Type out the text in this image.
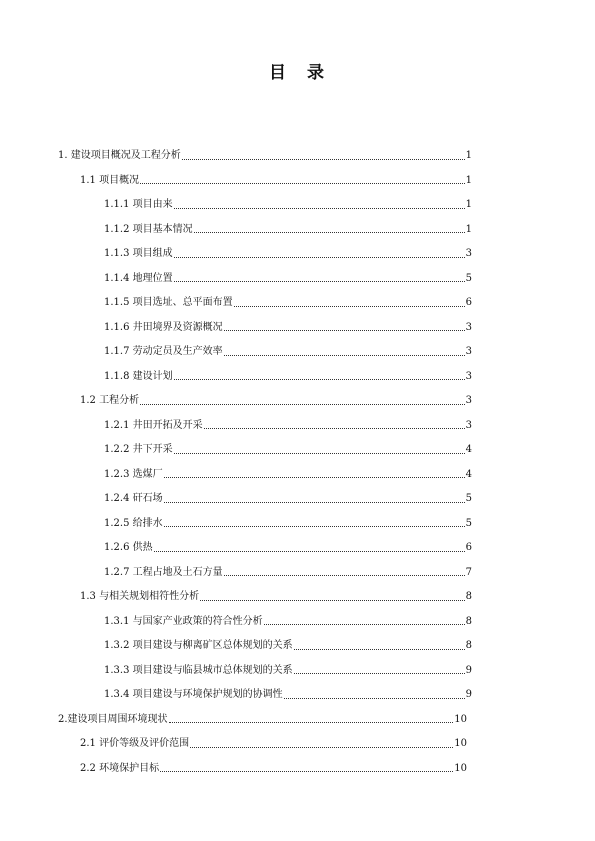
目　录
1. 建设项目概况及工程分析	1
1.1 项目概况	1
1.1.1 项目由来	1
1.1.2 项目基本情况	1
1.1.3 项目组成	3
1.1.4 地理位置	5
1.1.5 项目选址、总平面布置	6
1.1.6 井田境界及资源概况	3
1.1.7 劳动定员及生产效率	3
1.1.8 建设计划	3
1.2 工程分析	3
1.2.1 井田开拓及开采	3
1.2.2 井下开采	4
1.2.3 选煤厂	4
1.2.4 矸石场	5
1.2.5 给排水	5
1.2.6 供热	6
1.2.7 工程占地及土石方量	7
1.3 与相关规划相符性分析	8
1.3.1 与国家产业政策的符合性分析	8
1.3.2 项目建设与柳离矿区总体规划的关系	8
1.3.3 项目建设与临县城市总体规划的关系	9
1.3.4 项目建设与环境保护规划的协调性	9
2.建设项目周围环境现状	10
2.1 评价等级及评价范围	10
2.2 环境保护目标	10
